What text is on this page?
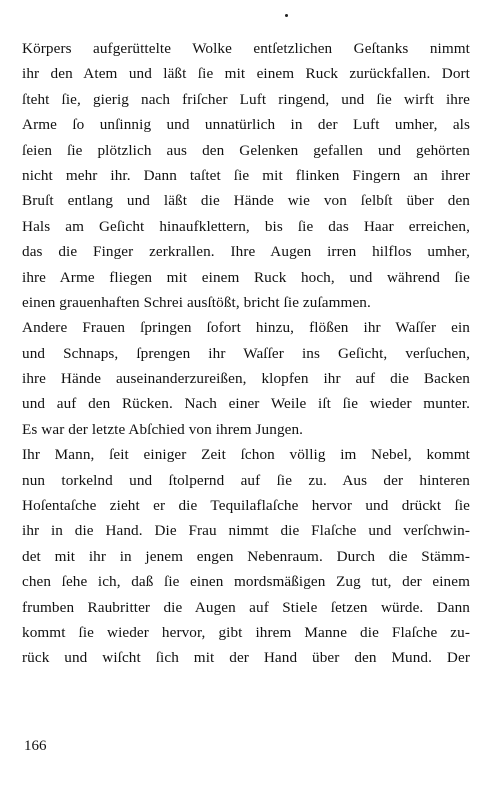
Körpers aufgerüttelte Wolke entſetzlichen Geſtanks nimmt
ihr den Atem und läßt ſie mit einem Ruck zurückfallen. Dort
ſteht ſie, gierig nach friſcher Luft ringend, und ſie wirft ihre
Arme ſo unſinnig und unnatürlich in der Luft umher, als
ſeien ſie plötzlich aus den Gelenken gefallen und gehörten
nicht mehr ihr. Dann taſtet ſie mit flinken Fingern an ihrer
Bruſt entlang und läßt die Hände wie von ſelbſt über den
Hals am Geſicht hinaufklettern, bis ſie das Haar erreichen,
das die Finger zerkrallen. Ihre Augen irren hilflos umher,
ihre Arme fliegen mit einem Ruck hoch, und während ſie
einen grauenhaften Schrei ausſtößt, bricht ſie zuſammen.
Andere Frauen ſpringen ſofort hinzu, flößen ihr Waſſer ein
und Schnaps, ſprengen ihr Waſſer ins Geſicht, verſuchen,
ihre Hände auseinanderzureißen, klopfen ihr auf die Backen
und auf den Rücken. Nach einer Weile iſt ſie wieder munter.
Es war der letzte Abſchied von ihrem Jungen.
Ihr Mann, ſeit einiger Zeit ſchon völlig im Nebel, kommt
nun torkelnd und ſtolpernd auf ſie zu. Aus der hinteren
Hoſentaſche zieht er die Tequilaflaſche hervor und drückt ſie
ihr in die Hand. Die Frau nimmt die Flaſche und verſchwin-
det mit ihr in jenem engen Nebenraum. Durch die Stämm-
chen ſehe ich, daß ſie einen mordsmäßigen Zug tut, der einem
frumben Raubritter die Augen auf Stiele ſetzen würde. Dann
kommt ſie wieder hervor, gibt ihrem Manne die Flaſche zu-
rück und wiſcht ſich mit der Hand über den Mund. Der
166
